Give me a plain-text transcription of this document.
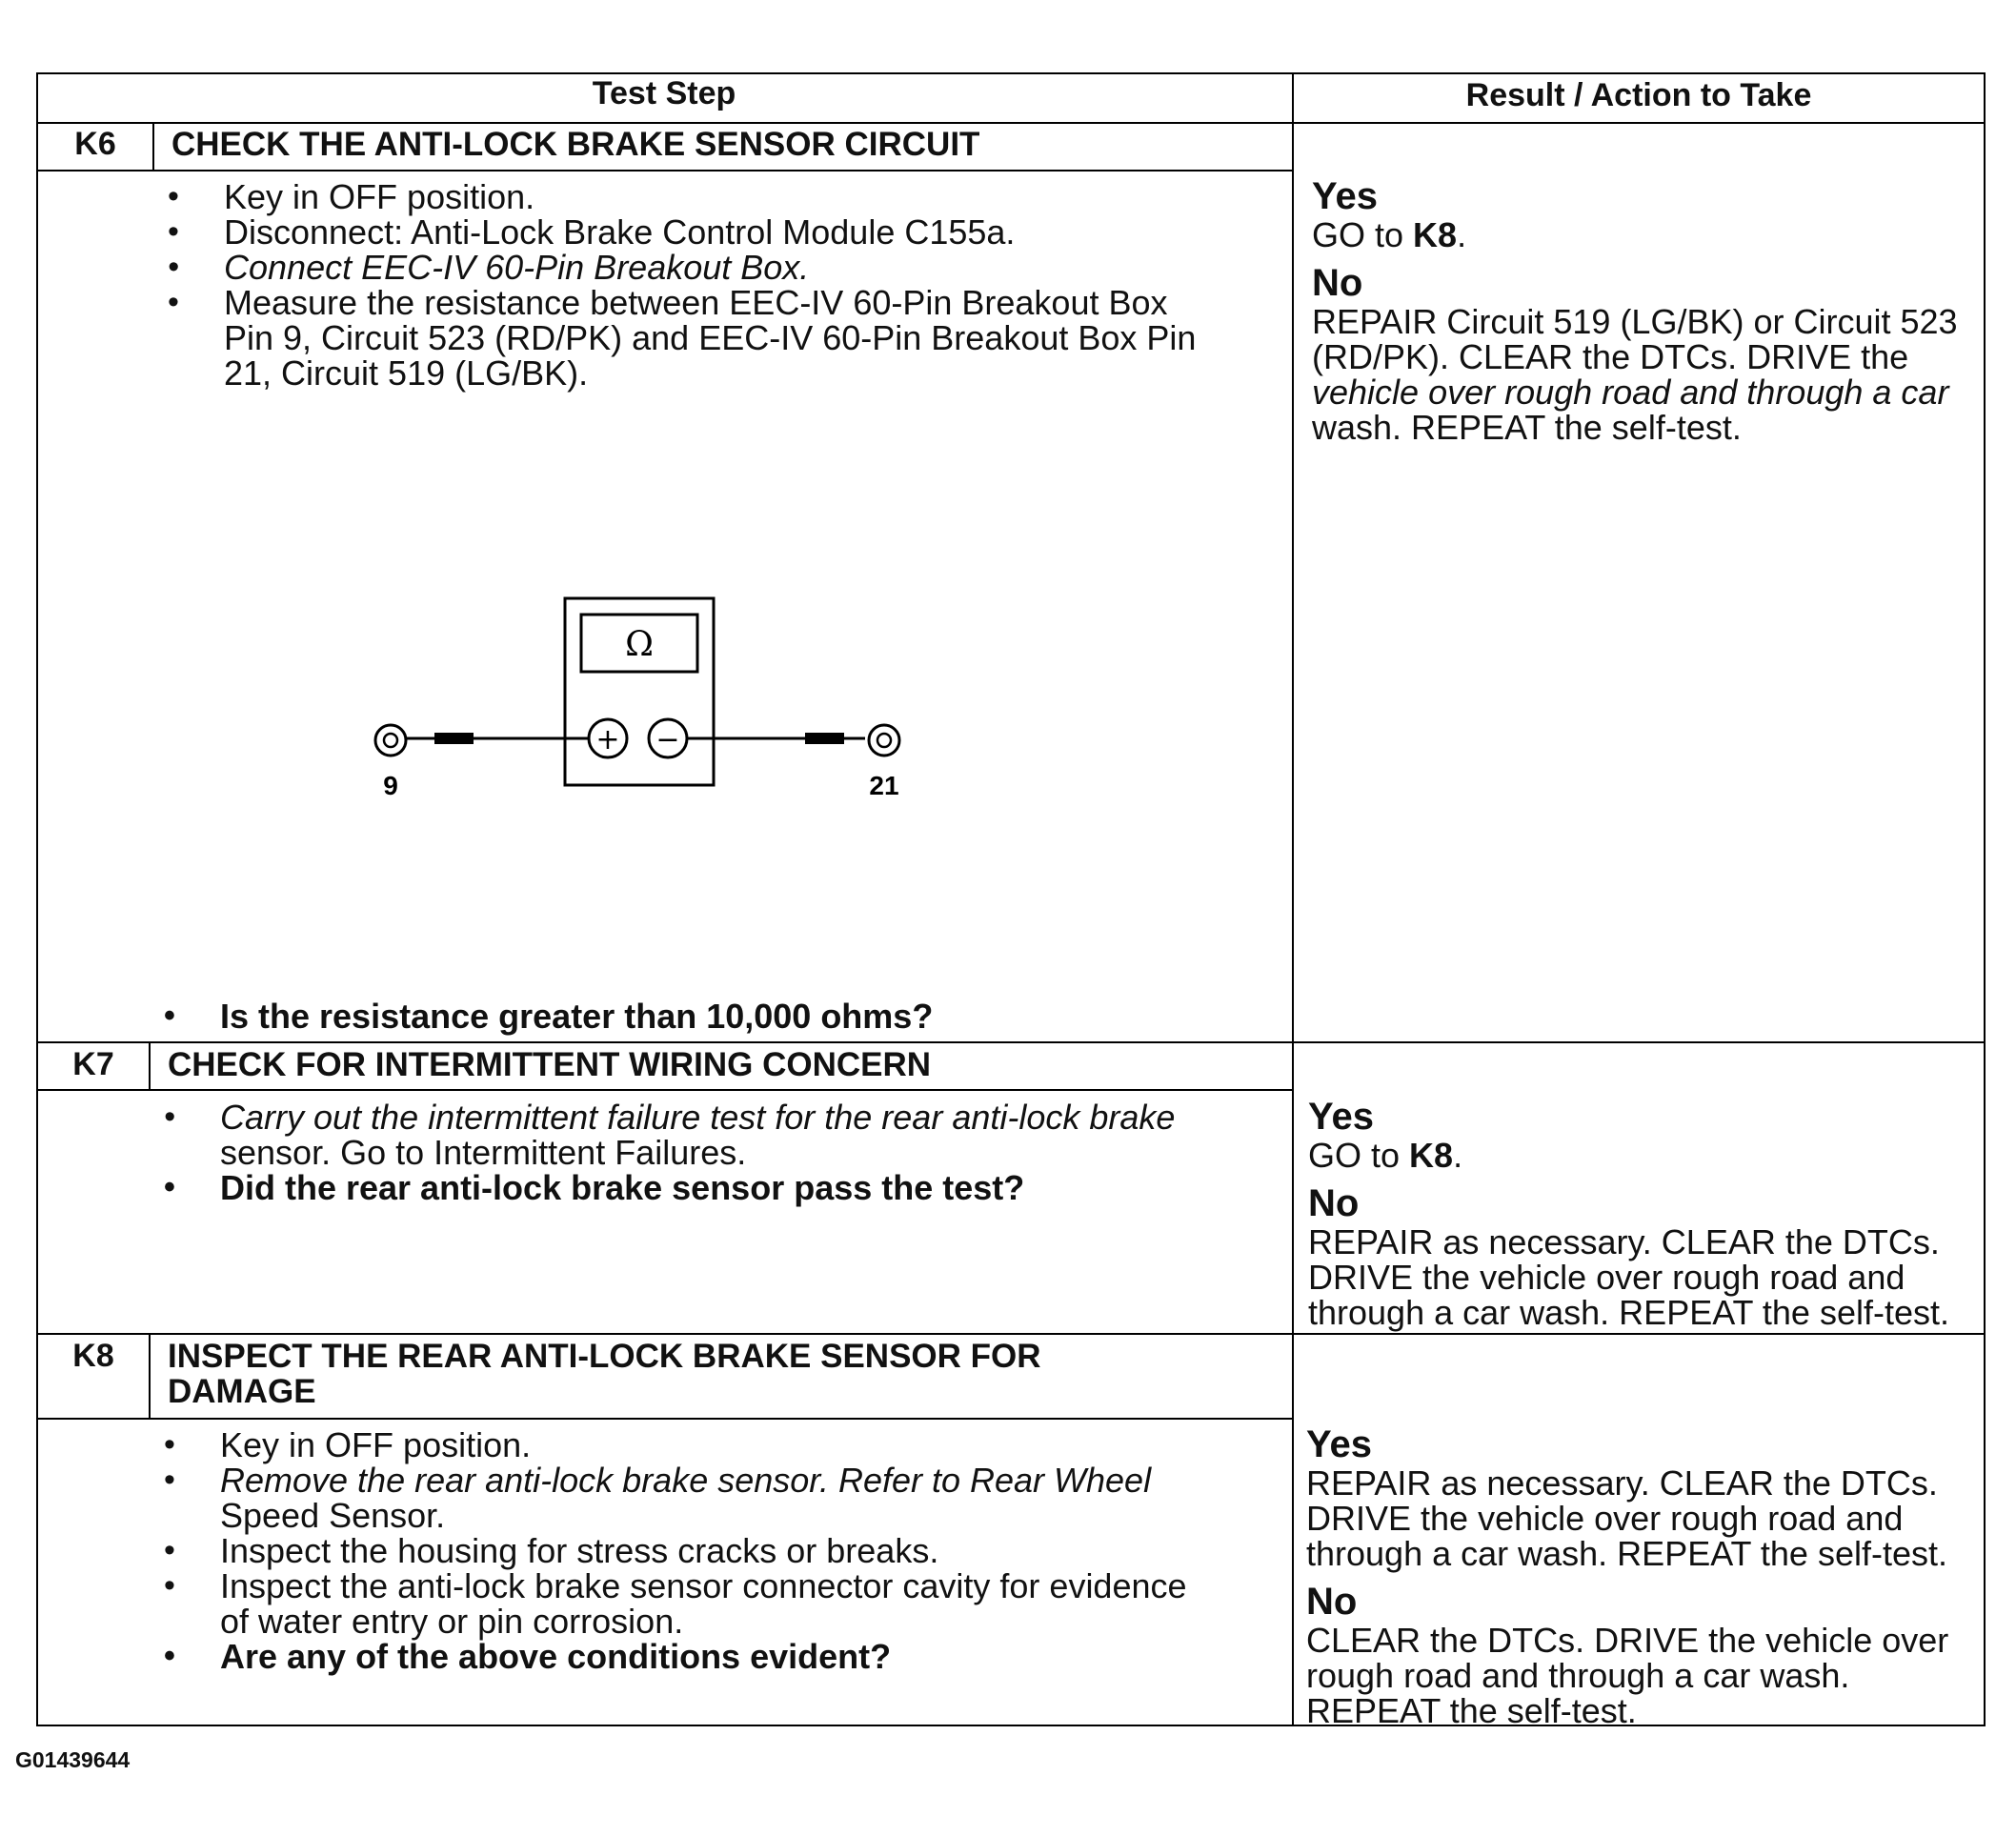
Test Step	Result / Action to Take
K6	CHECK THE ANTI-LOCK BRAKE SENSOR CIRCUIT
• Key in OFF position.
• Disconnect: Anti-Lock Brake Control Module C155a.
• Connect EEC-IV 60-Pin Breakout Box.
• Measure the resistance between EEC-IV 60-Pin Breakout Box
Pin 9, Circuit 523 (RD/PK) and EEC-IV 60-Pin Breakout Box Pin
21, Circuit 519 (LG/BK).
Ω
+ −
9	21
• Is the resistance greater than 10,000 ohms?
Yes
GO to K8.
No
REPAIR Circuit 519 (LG/BK) or Circuit 523
(RD/PK). CLEAR the DTCs. DRIVE the
vehicle over rough road and through a car
wash. REPEAT the self-test.
K7	CHECK FOR INTERMITTENT WIRING CONCERN
• Carry out the intermittent failure test for the rear anti-lock brake
sensor. Go to Intermittent Failures.
• Did the rear anti-lock brake sensor pass the test?
Yes
GO to K8.
No
REPAIR as necessary. CLEAR the DTCs.
DRIVE the vehicle over rough road and
through a car wash. REPEAT the self-test.
K8	INSPECT THE REAR ANTI-LOCK BRAKE SENSOR FOR
DAMAGE
• Key in OFF position.
• Remove the rear anti-lock brake sensor. Refer to Rear Wheel
Speed Sensor.
• Inspect the housing for stress cracks or breaks.
• Inspect the anti-lock brake sensor connector cavity for evidence
of water entry or pin corrosion.
• Are any of the above conditions evident?
Yes
REPAIR as necessary. CLEAR the DTCs.
DRIVE the vehicle over rough road and
through a car wash. REPEAT the self-test.
No
CLEAR the DTCs. DRIVE the vehicle over
rough road and through a car wash.
REPEAT the self-test.
G01439644
